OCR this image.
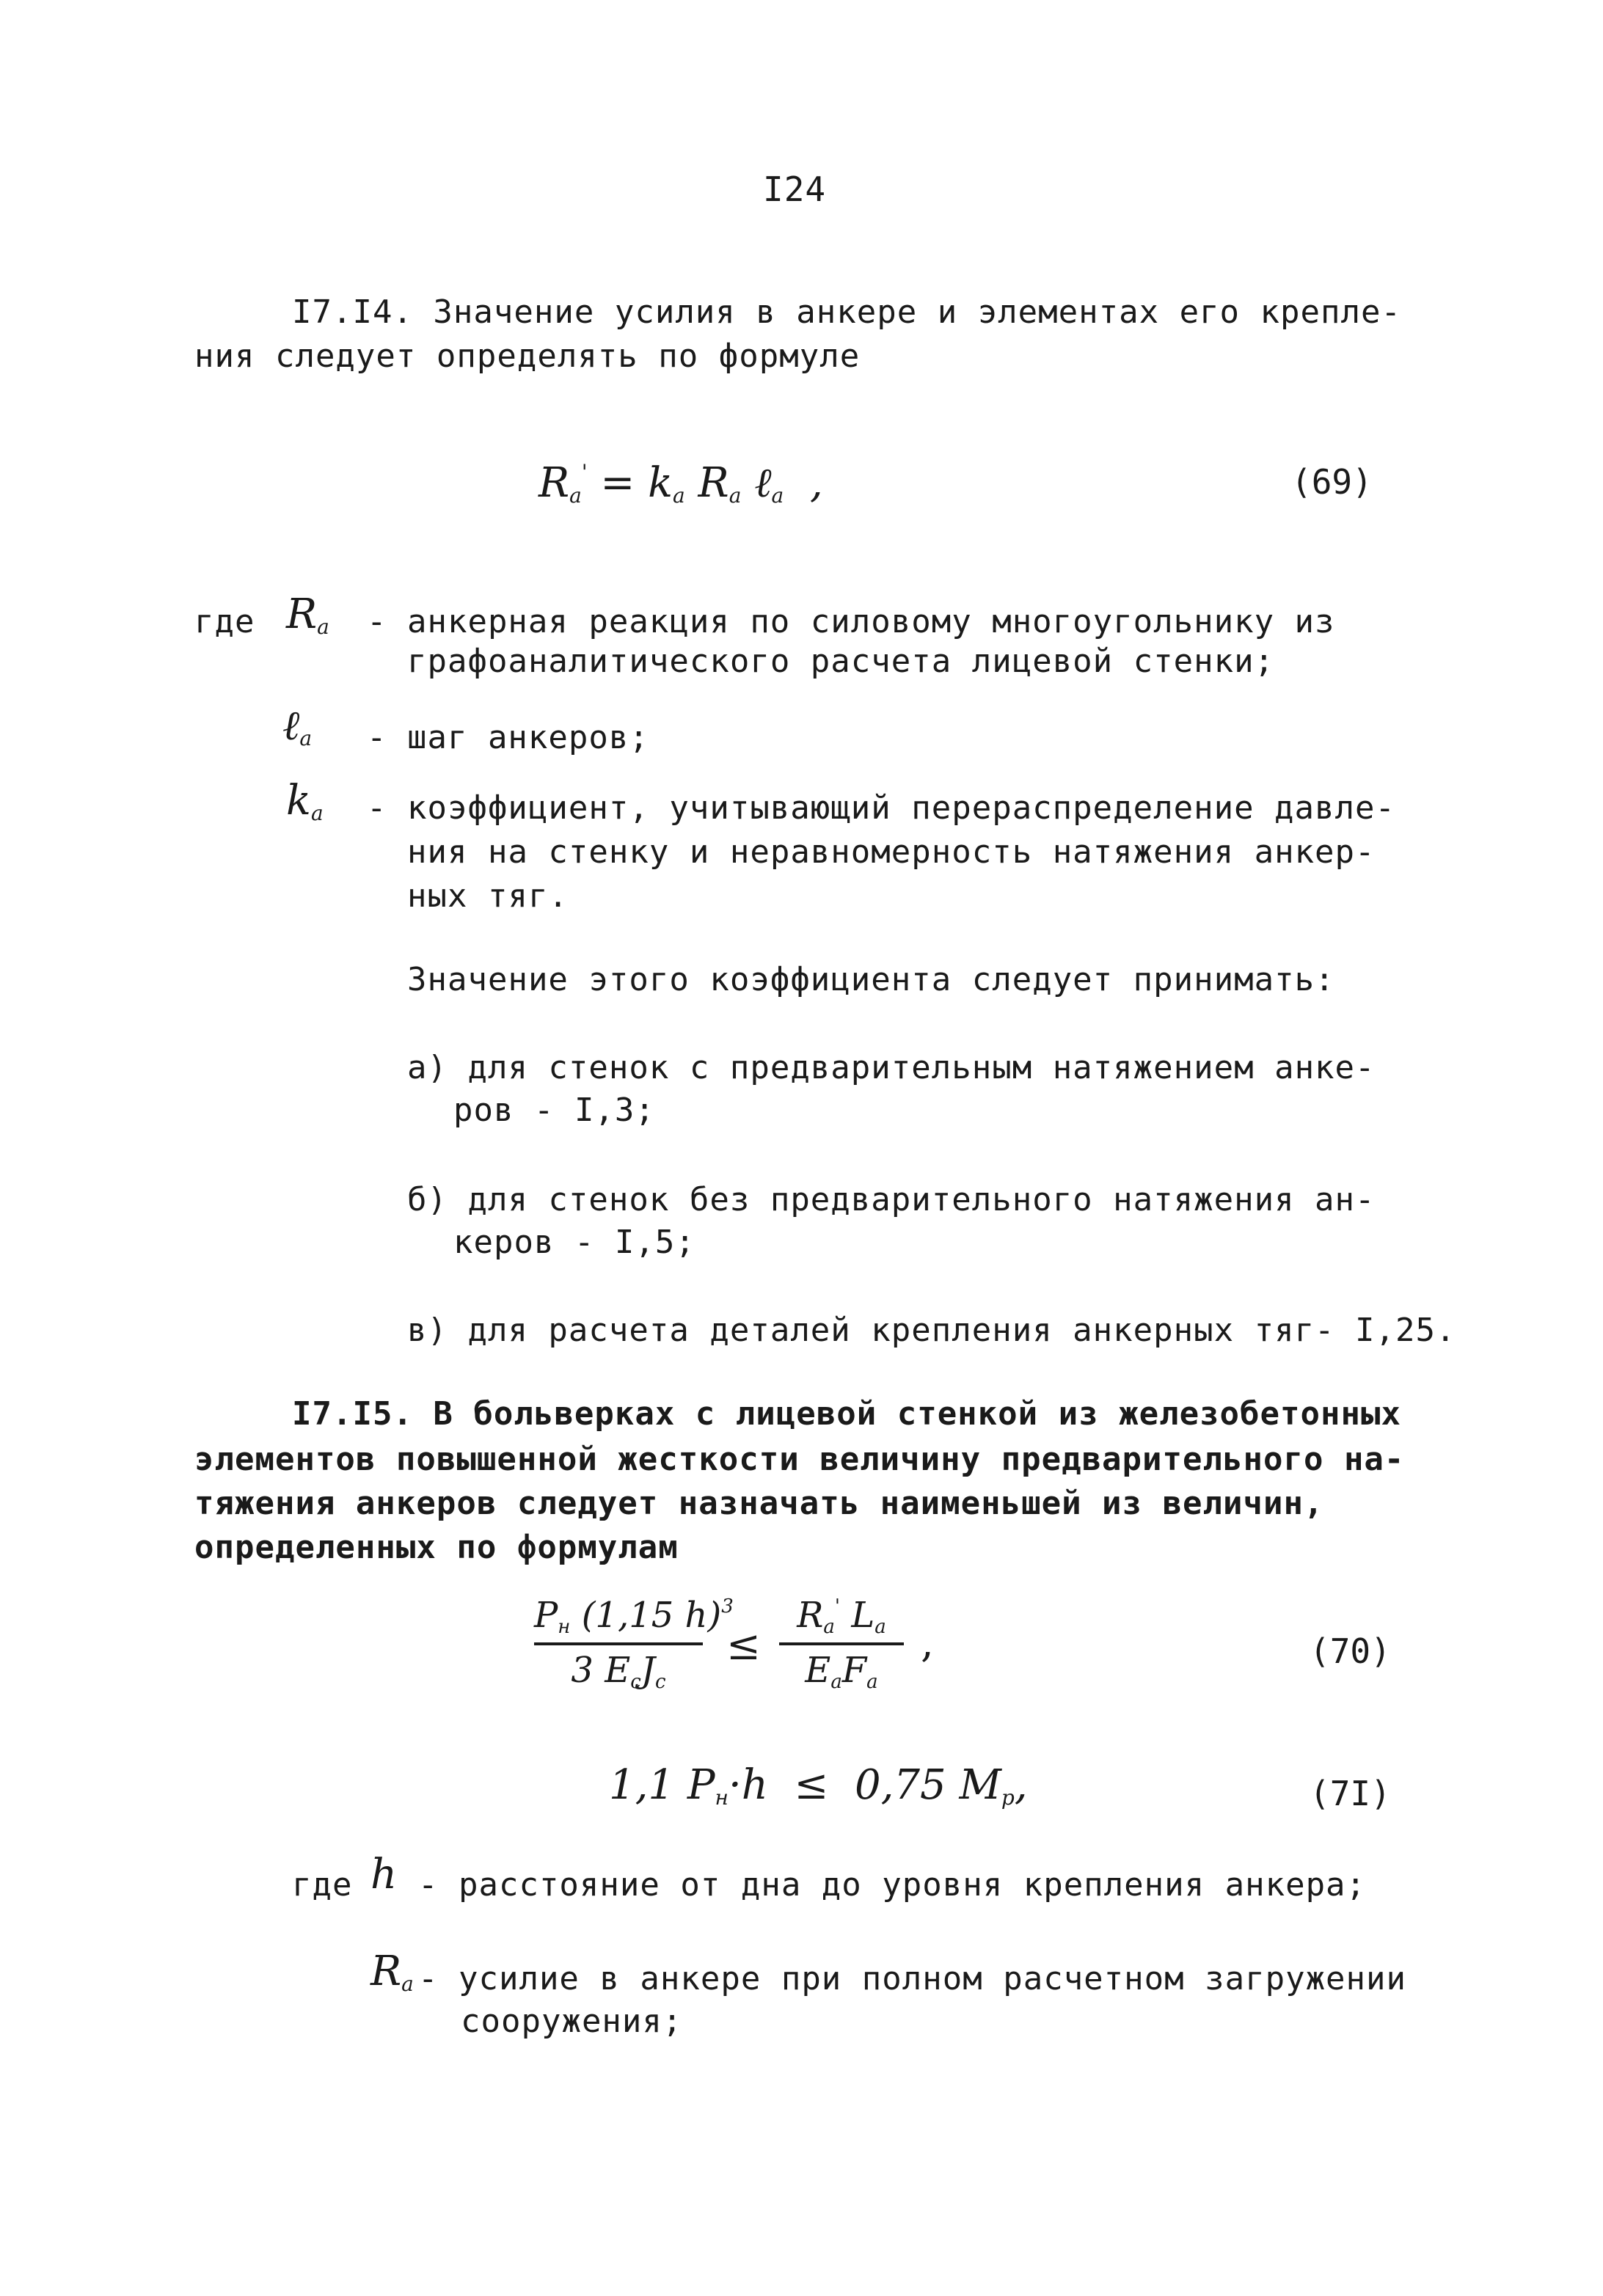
I24
I7.I4. Значение усилия в анкере и элементах его крепле-
ния следует определять по формуле
$R_a' = k_a$ $R_a$ ℓ$_a$  ,	(69)
где $R_a$ - анкерная реакция по силовому многоугольнику из
графоаналитического расчета лицевой стенки;
ℓ$_a$ - шаг анкеров;
$k_a$ - коэффициент, учитывающий перераспределение давле-
ния на стенку и неравномерность натяжения анкер-
ных тяг.
Значение этого коэффициента следует принимать:
а) для стенок с предварительным натяжением анке-
ров - I,3;
б) для стенок без предварительного натяжения ан-
керов - I,5;
в) для расчета деталей крепления анкерных тяг- I,25.
I7.I5. В больверках с лицевой стенкой из железобетонных
элементов повышенной жесткости величину предварительного на-
тяжения анкеров следует назначать наименьшей из величин,
определенных по формулам
$P_н$ (1,15 h)$^3$
3 $E_cJ_c$
≤
$R_a'$ $L_a$
$E_aF_a$
,	(70)
1,1 $P_н\cdot h \le 0,75$ $M_p$,	(7I)
где h - расстояние от дна до уровня крепления анкера;
$R_a$ - усилие в анкере при полном расчетном загружении
сооружения;
